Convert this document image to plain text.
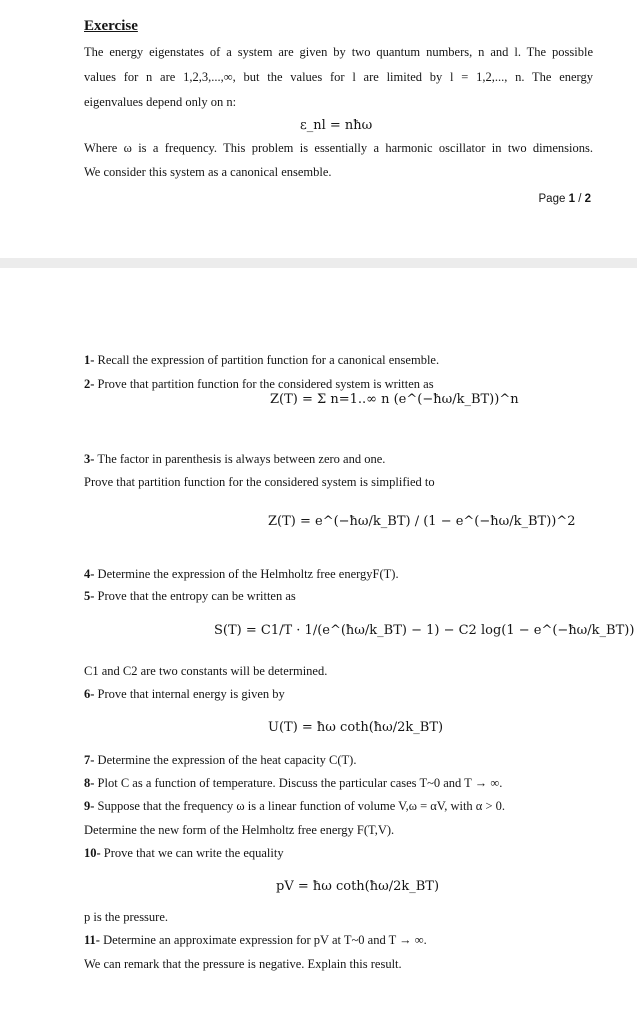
Exercise
The energy eigenstates of a system are given by two quantum numbers, n and l. The possible
values for n are 1,2,3,...,∞, but the values for l are limited by l = 1,2,..., n. The energy
eigenvalues depend only on n:
ε_nl = nħω
Where ω is a frequency. This problem is essentially a harmonic oscillator in two dimensions.
We consider this system as a canonical ensemble.
Page 1 / 2
1- Recall the expression of partition function for a canonical ensemble.
2- Prove that partition function for the considered system is written as
Z(T) = Σ n=1..∞ n (e^(−ħω/k_BT))^n
3- The factor in parenthesis is always between zero and one.
Prove that partition function for the considered system is simplified to
Z(T) = e^(−ħω/k_BT) / (1 − e^(−ħω/k_BT))^2
4- Determine the expression of the Helmholtz free energyF(T).
5- Prove that the entropy can be written as
S(T) = C1/T · 1/(e^(ħω/k_BT) − 1) − C2 log(1 − e^(−ħω/k_BT))
C1 and C2 are two constants will be determined.
6- Prove that internal energy is given by
U(T) = ħω coth(ħω/2k_BT)
7- Determine the expression of the heat capacity C(T).
8- Plot C as a function of temperature. Discuss the particular cases T~0 and T → ∞.
9- Suppose that the frequency ω is a linear function of volume V,ω = αV, with α > 0.
Determine the new form of the Helmholtz free energy F(T,V).
10- Prove that we can write the equality
pV = ħω coth(ħω/2k_BT)
p is the pressure.
11- Determine an approximate expression for pV at T~0 and T → ∞.
We can remark that the pressure is negative. Explain this result.
